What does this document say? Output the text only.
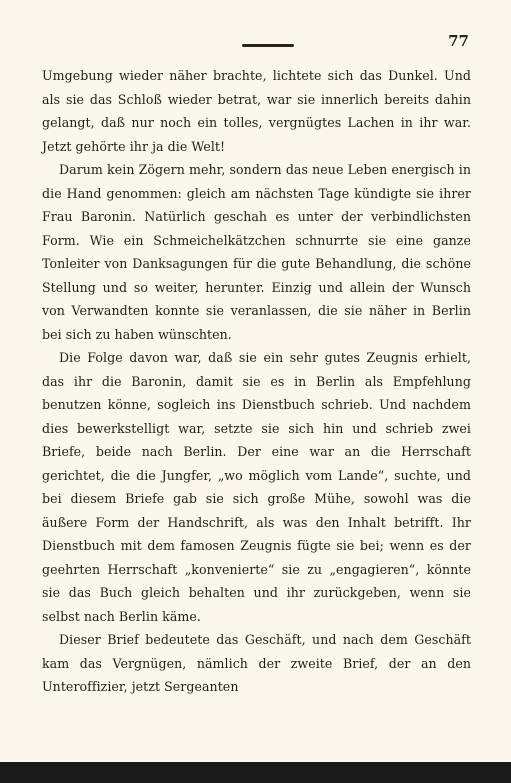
77

Umgebung wieder näher brachte, lichtete sich das Dunkel. Und als sie das Schloß wieder betrat, war sie innerlich bereits dahin gelangt, daß nur noch ein tolles, vergnügtes Lachen in ihr war. Jetzt gehörte ihr ja die Welt!

Darum kein Zögern mehr, sondern das neue Leben energisch in die Hand genommen: gleich am nächsten Tage kündigte sie ihrer Frau Baronin. Natürlich geschah es unter der verbindlichsten Form. Wie ein Schmeichelkätzchen schnurrte sie eine ganze Tonleiter von Danksagungen für die gute Behandlung, die schöne Stellung und so weiter, herunter. Einzig und allein der Wunsch von Verwandten konnte sie veranlassen, die sie näher in Berlin bei sich zu haben wünschten.

Die Folge davon war, daß sie ein sehr gutes Zeugnis erhielt, das ihr die Baronin, damit sie es in Berlin als Empfehlung benutzen könne, sogleich ins Dienstbuch schrieb. Und nachdem dies bewerkstelligt war, setzte sie sich hin und schrieb zwei Briefe, beide nach Berlin. Der eine war an die Herrschaft gerichtet, die die Jungfer, „wo möglich vom Lande“, suchte, und bei diesem Briefe gab sie sich große Mühe, sowohl was die äußere Form der Handschrift, als was den Inhalt betrifft. Ihr Dienstbuch mit dem famosen Zeugnis fügte sie bei; wenn es der geehrten Herrschaft „konvenierte“ sie zu „engagieren“, könnte sie das Buch gleich behalten und ihr zurückgeben, wenn sie selbst nach Berlin käme.

Dieser Brief bedeutete das Geschäft, und nach dem Geschäft kam das Vergnügen, nämlich der zweite Brief, der an den Unteroffizier, jetzt Sergeanten
